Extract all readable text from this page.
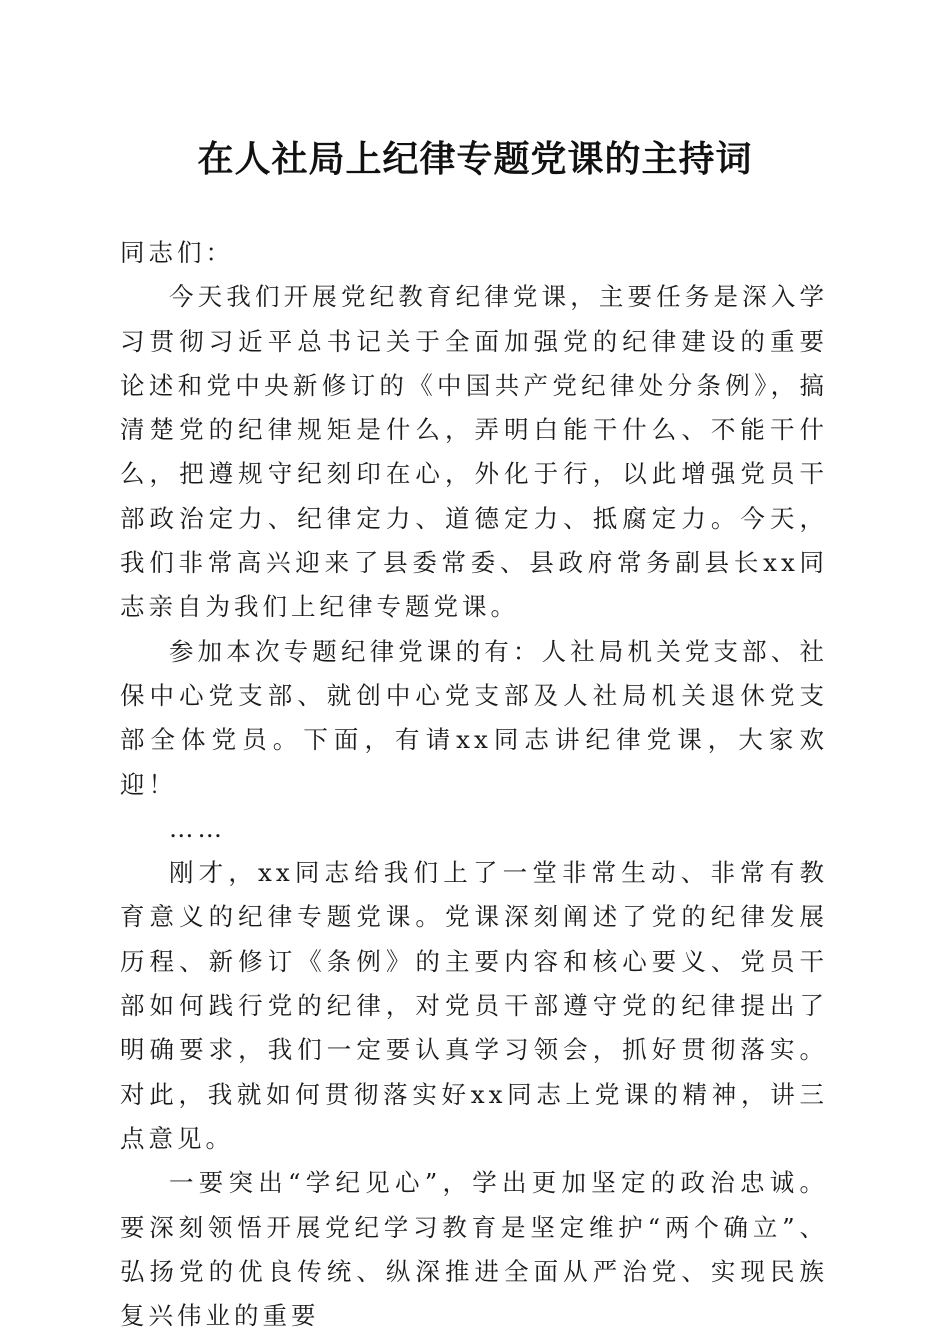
在人社局上纪律专题党课的主持词

同志们：

今天我们开展党纪教育纪律党课，主要任务是深入学习贯彻习近平总书记关于全面加强党的纪律建设的重要论述和党中央新修订的《中国共产党纪律处分条例》，搞清楚党的纪律规矩是什么，弄明白能干什么、不能干什么，把遵规守纪刻印在心，外化于行，以此增强党员干部政治定力、纪律定力、道德定力、抵腐定力。今天，我们非常高兴迎来了县委常委、县政府常务副县长xx同志亲自为我们上纪律专题党课。

参加本次专题纪律党课的有：人社局机关党支部、社保中心党支部、就创中心党支部及人社局机关退休党支部全体党员。下面，有请xx同志讲纪律党课，大家欢迎！

……

刚才，xx同志给我们上了一堂非常生动、非常有教育意义的纪律专题党课。党课深刻阐述了党的纪律发展历程、新修订《条例》的主要内容和核心要义、党员干部如何践行党的纪律，对党员干部遵守党的纪律提出了明确要求，我们一定要认真学习领会，抓好贯彻落实。对此，我就如何贯彻落实好xx同志上党课的精神，讲三点意见。

一要突出“学纪见心”，学出更加坚定的政治忠诚。要深刻领悟开展党纪学习教育是坚定维护“两个确立”、弘扬党的优良传统、纵深推进全面从严治党、实现民族复兴伟业的重要
